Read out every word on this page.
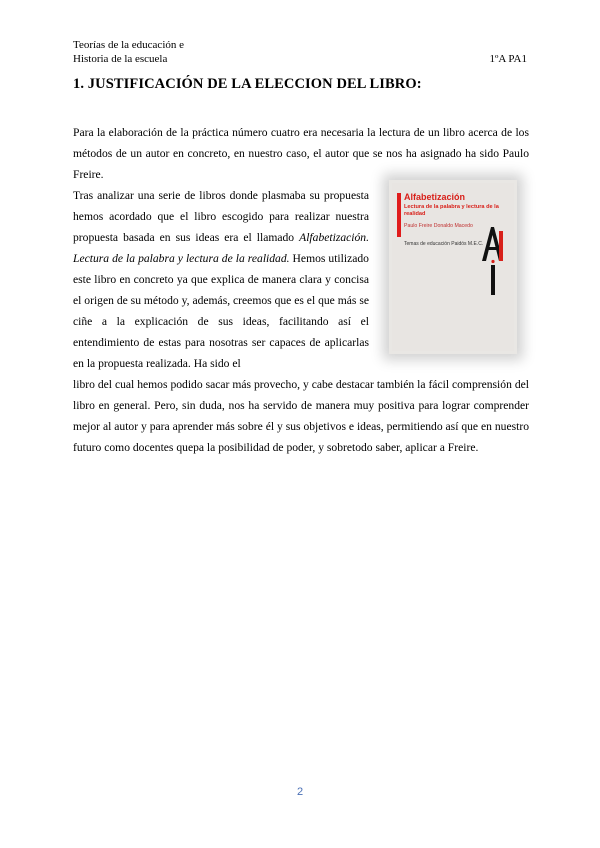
Teorías de la educación e
Historia de la escuela	1ºA PA1
1. JUSTIFICACIÓN DE LA ELECCION DEL LIBRO:

Para la elaboración de la práctica número cuatro era necesaria la lectura de un libro acerca de los métodos de un autor en concreto, en nuestro caso, el autor que se nos ha asignado ha sido Paulo Freire.

Tras analizar una serie de libros donde plasmaba su propuesta hemos acordado que el libro escogido para realizar nuestra propuesta basada en sus ideas era el llamado Alfabetización. Lectura de la palabra y lectura de la realidad. Hemos utilizado este libro en concreto ya que explica de manera clara y concisa el origen de su método y, además, creemos que es el que más se ciñe a la explicación de sus ideas, facilitando así el entendimiento de estas para nosotras ser capaces de aplicarlas en la propuesta realizada. Ha sido el

libro del cual hemos podido sacar más provecho, y cabe destacar también la fácil comprensión del libro en general. Pero, sin duda, nos ha servido de manera muy positiva para lograr comprender mejor al autor y para aprender más sobre él y sus objetivos e ideas, permitiendo así que en nuestro futuro como docentes quepa la posibilidad de poder, y sobretodo saber, aplicar a Freire.

Alfabetización
Lectura de la palabra y lectura de la realidad
Paulo Freire Donaldo Macedo
Temas de educación Paidós M.E.C.
2
